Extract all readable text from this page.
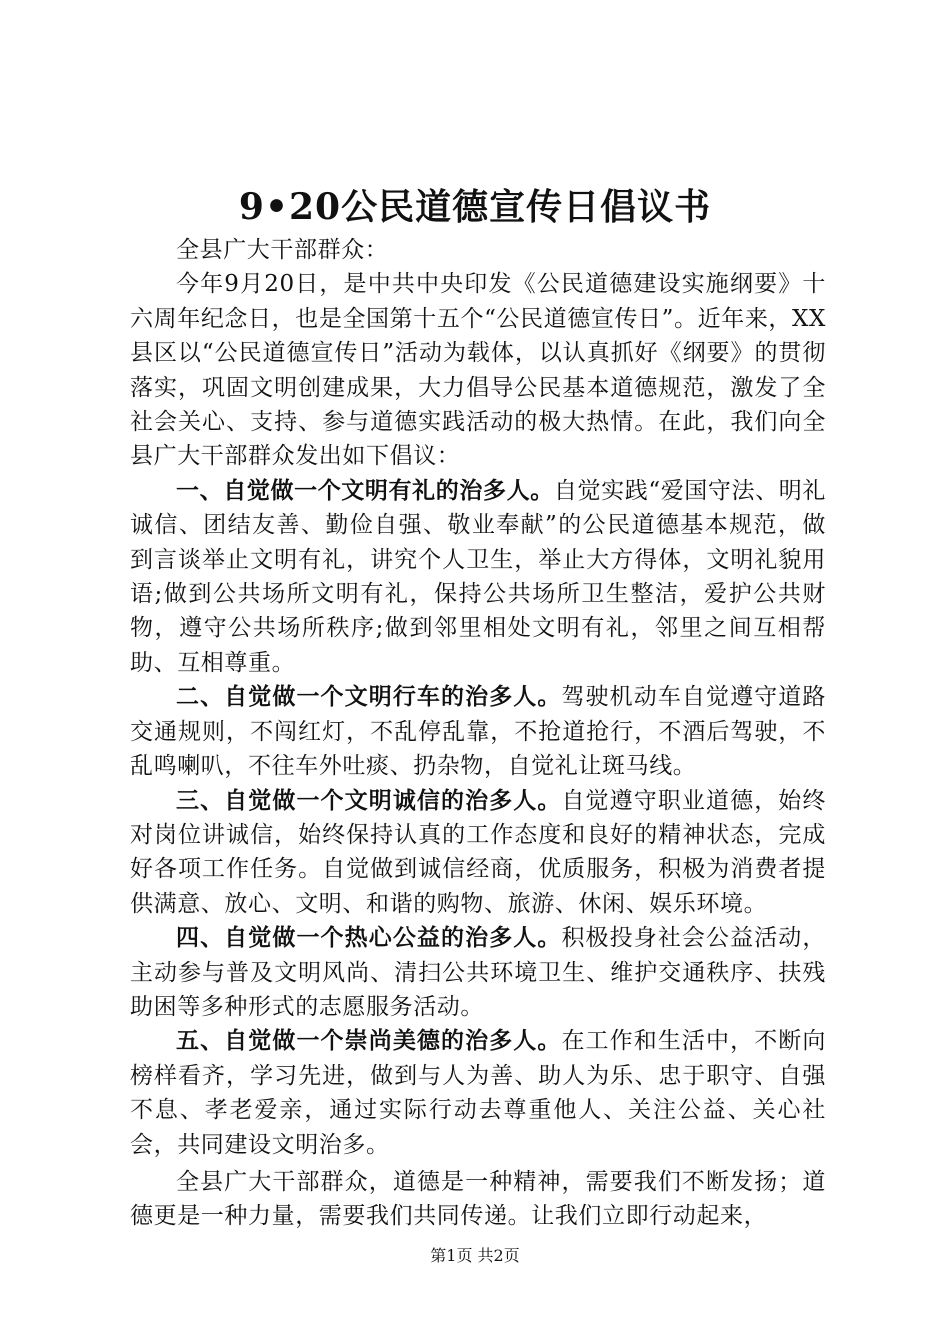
9•20公民道德宣传日倡议书

全县广大干部群众：

今年9月20日，是中共中央印发《公民道德建设实施纲要》十六周年纪念日，也是全国第十五个“公民道德宣传日”。近年来，XX县区以“公民道德宣传日”活动为载体，以认真抓好《纲要》的贯彻落实，巩固文明创建成果，大力倡导公民基本道德规范，激发了全社会关心、支持、参与道德实践活动的极大热情。在此，我们向全县广大干部群众发出如下倡议：

一、自觉做一个文明有礼的治多人。自觉实践“爱国守法、明礼诚信、团结友善、勤俭自强、敬业奉献”的公民道德基本规范，做到言谈举止文明有礼，讲究个人卫生，举止大方得体，文明礼貌用语;做到公共场所文明有礼，保持公共场所卫生整洁，爱护公共财物，遵守公共场所秩序;做到邻里相处文明有礼，邻里之间互相帮助、互相尊重。

二、自觉做一个文明行车的治多人。驾驶机动车自觉遵守道路交通规则，不闯红灯，不乱停乱靠，不抢道抢行，不酒后驾驶，不乱鸣喇叭，不往车外吐痰、扔杂物，自觉礼让斑马线。

三、自觉做一个文明诚信的治多人。自觉遵守职业道德，始终对岗位讲诚信，始终保持认真的工作态度和良好的精神状态，完成好各项工作任务。自觉做到诚信经商，优质服务，积极为消费者提供满意、放心、文明、和谐的购物、旅游、休闲、娱乐环境。

四、自觉做一个热心公益的治多人。积极投身社会公益活动，主动参与普及文明风尚、清扫公共环境卫生、维护交通秩序、扶残助困等多种形式的志愿服务活动。

五、自觉做一个崇尚美德的治多人。在工作和生活中，不断向榜样看齐，学习先进，做到与人为善、助人为乐、忠于职守、自强不息、孝老爱亲，通过实际行动去尊重他人、关注公益、关心社会，共同建设文明治多。

全县广大干部群众，道德是一种精神，需要我们不断发扬；道德更是一种力量，需要我们共同传递。让我们立即行动起来，

第1页 共2页
